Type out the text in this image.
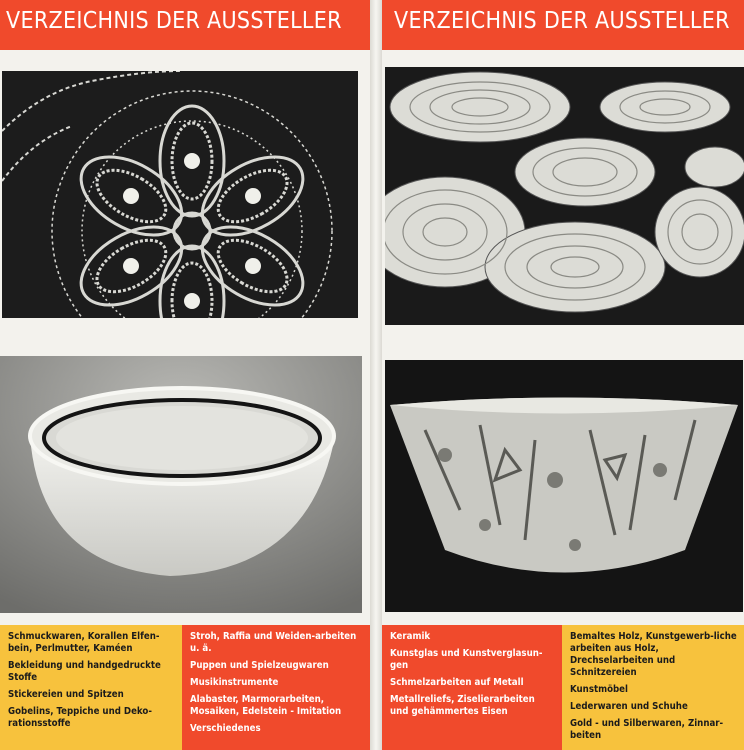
VERZEICHNIS DER AUSSTELLER
Schmuckwaren, Korallen Elfen-bein, Perlmutter, Kaméen
Bekleidung und handgedruckte Stoffe
Stickereien und Spitzen
Gobelins, Teppiche und Deko-rationsstoffe
Stroh, Raffia und Weiden-arbeiten u. ä.
Puppen und Spielzeugwaren
Musikinstrumente
Alabaster, Marmorarbeiten, Mosaiken, Edelstein - Imitation
Verschiedenes
VERZEICHNIS DER AUSSTELLER
Keramik
Kunstglas und Kunstverglasun-gen
Schmelzarbeiten auf Metall
Metallreliefs, Ziselierarbeiten und gehämmertes Eisen
Bemaltes Holz, Kunstgewerb-liche arbeiten aus Holz, Drechselarbeiten und Schnitzereien
Kunstmöbel
Lederwaren und Schuhe
Gold - und Silberwaren, Zinnar-beiten
